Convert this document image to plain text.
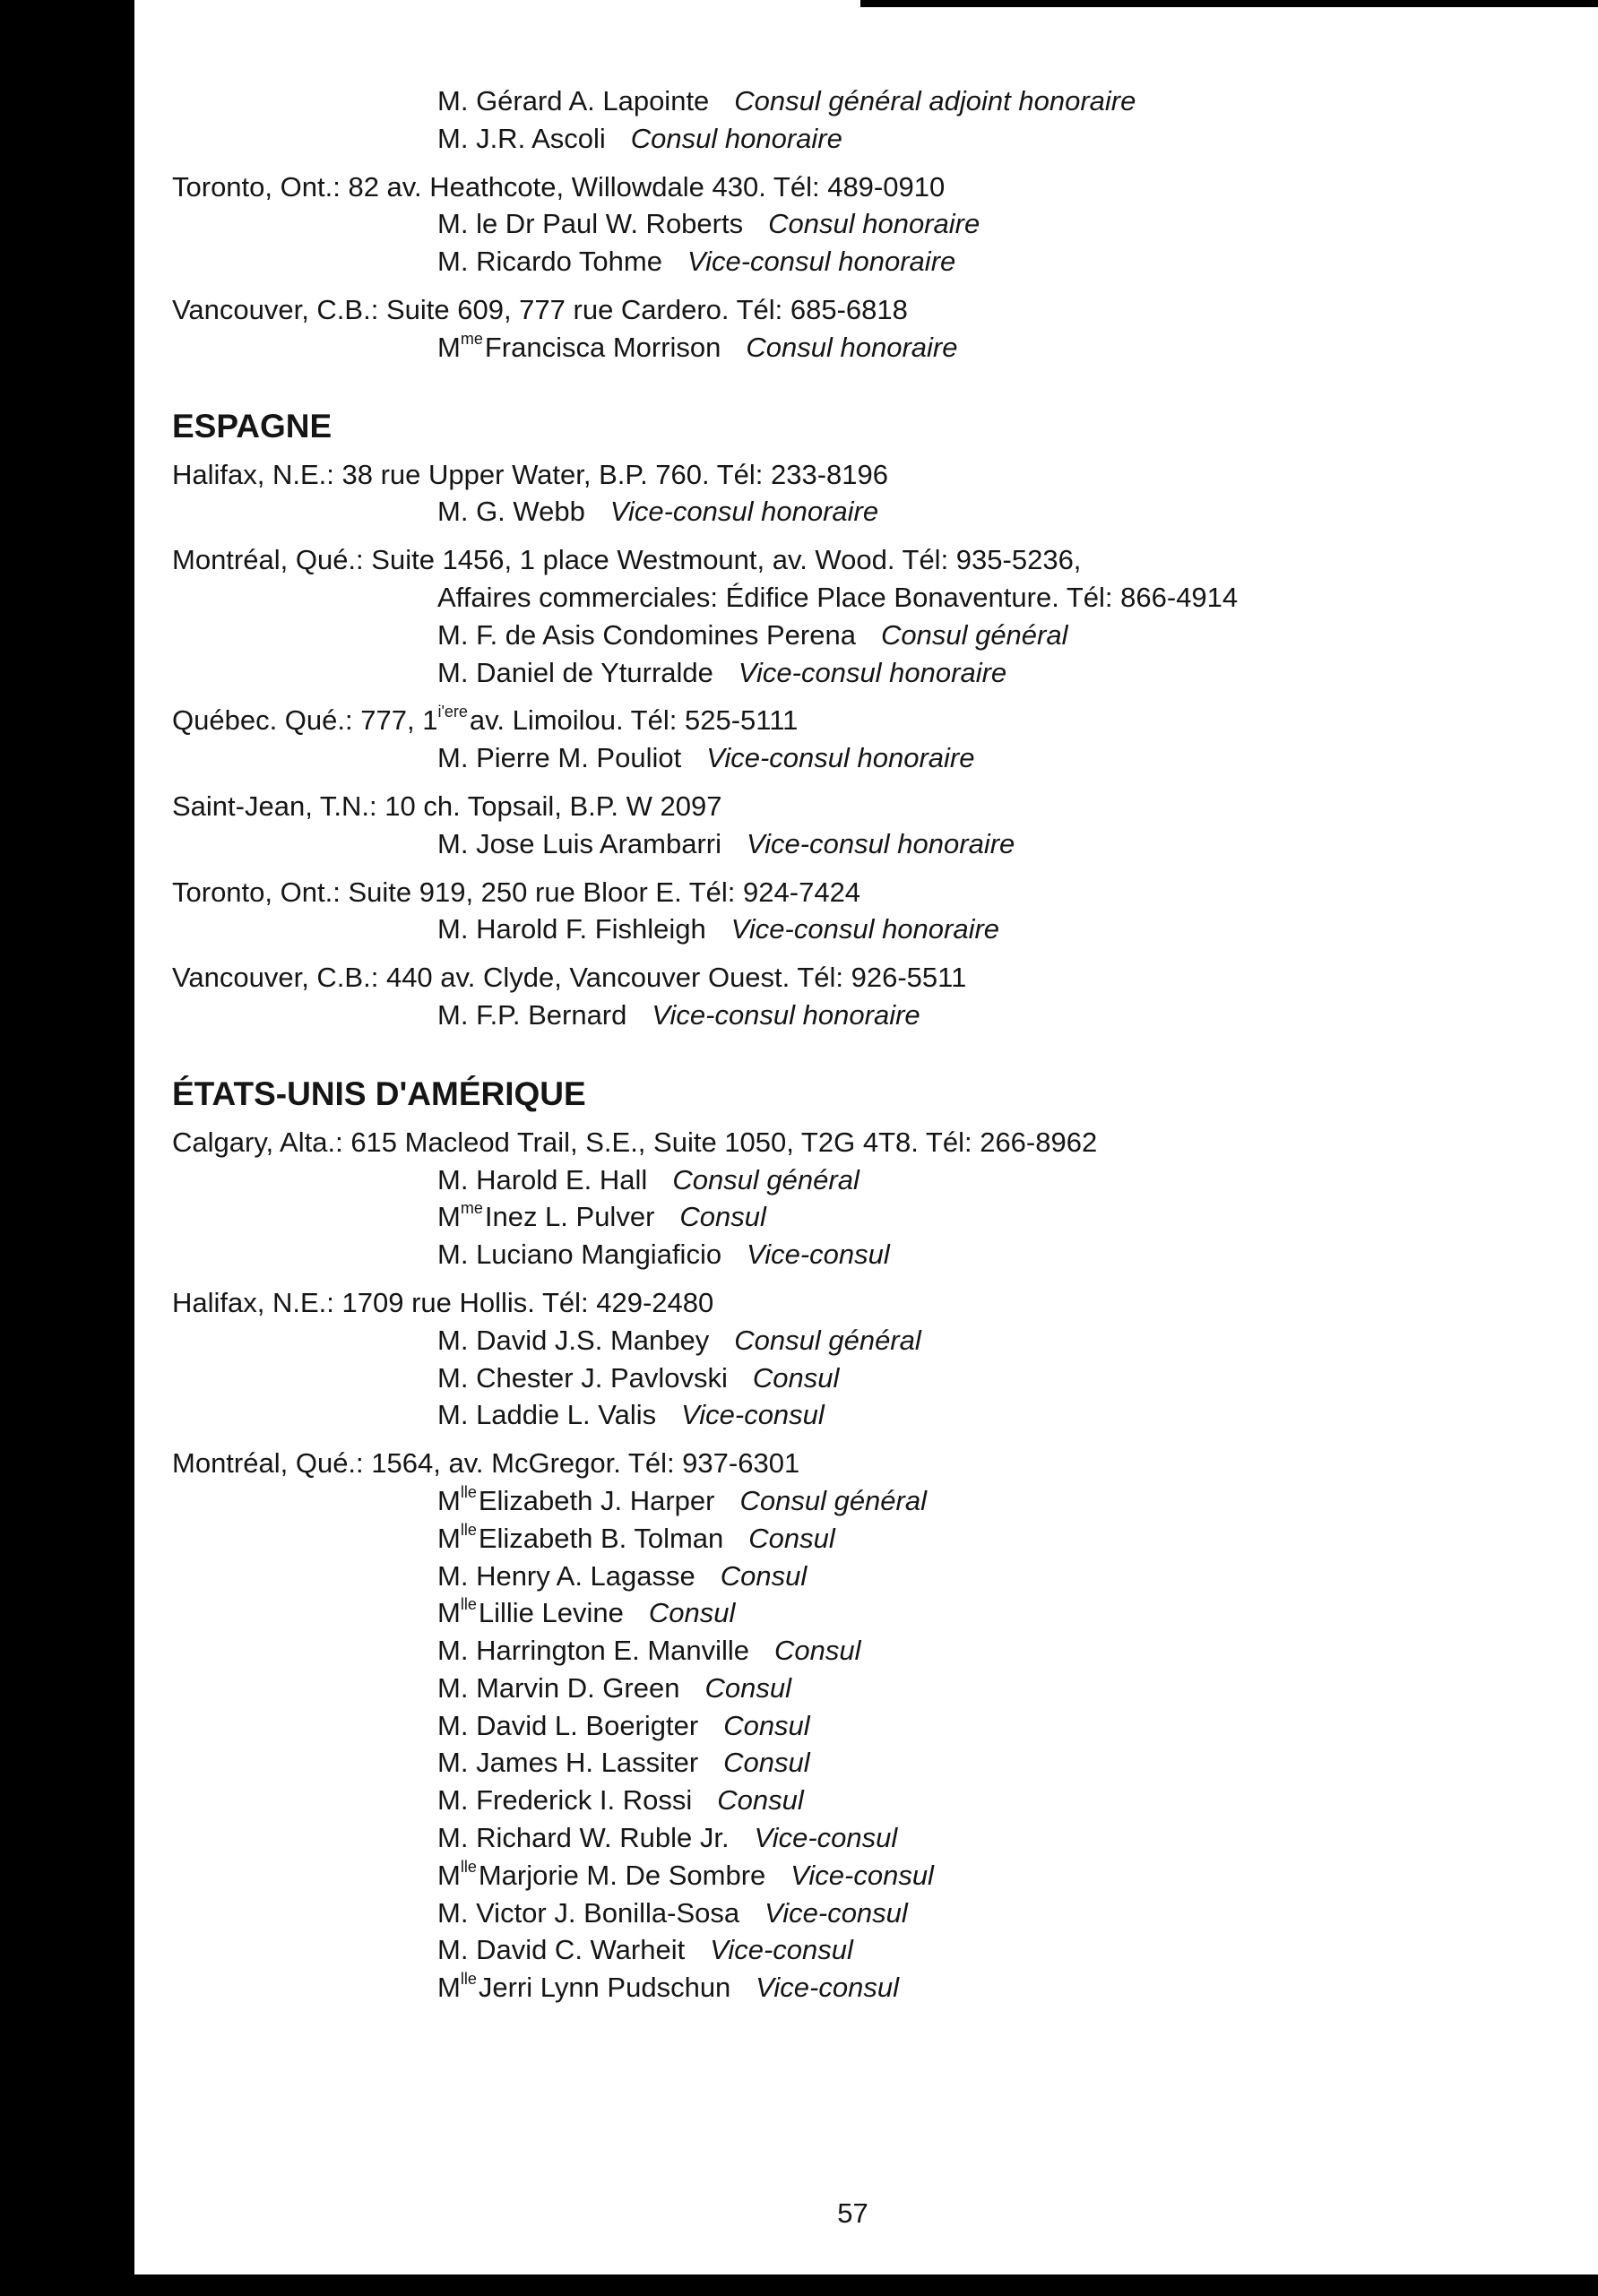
M. Gérard A. Lapointe Consul général adjoint honoraire

M. J.R. Ascoli Consul honoraire

Toronto, Ont.: 82 av. Heathcote, Willowdale 430. Tél: 489-0910

M. le Dr Paul W. Roberts Consul honoraire

M. Ricardo Tohme Vice-consul honoraire

Vancouver, C.B.: Suite 609, 777 rue Cardero. Tél: 685-6818

$M^{me}Francisca$ Morrison Consul honoraire

ESPAGNE

Halifax, N.E.: 38 rue Upper Water, B.P. 760. Tél: 233-8196

M. G. Webb Vice-consul honoraire

Montréal, Qué.: Suite 1456, 1 place Westmount, av. Wood. Tél: 935-5236,

Affaires commerciales: Édifice Place Bonaventure. Tél: 866-4914

M. F. de Asis Condomines Perena Consul général

M. Daniel de Yturralde Vice-consul honoraire

Québec. Qué.: 777, $1^{i'ere}av$. Limoilou. Tél: 525-5111

M. Pierre M. Pouliot Vice-consul honoraire

Saint-Jean, T.N.: 10 ch. Topsail, B.P. W 2097

M. Jose Luis Arambarri Vice-consul honoraire

Toronto, Ont.: Suite 919, 250 rue Bloor E. Tél: 924-7424

M. Harold F. Fishleigh Vice-consul honoraire

Vancouver, C.B.: 440 av. Clyde, Vancouver Ouest. Tél: 926-5511

M. F.P. Bernard Vice-consul honoraire

ÉTATS-UNIS D'AMÉRIQUE

Calgary, Alta.: 615 Macleod Trail, S.E., Suite 1050, T2G 4T8. Tél: 266-8962

M. Harold E. Hall Consul général

$M^{me}Inez$ L. Pulver Consul

M. Luciano Mangiaficio Vice-consul

Halifax, N.E.: 1709 rue Hollis. Tél: 429-2480

M. David J.S. Manbey Consul général

M. Chester J. Pavlovski Consul

M. Laddie L. Valis Vice-consul

Montréal, Qué.: 1564, av. McGregor. Tél: 937-6301

$M^{lle}Elizabeth$ J. Harper Consul général

$M^{lle}Elizabeth$ B. Tolman Consul

M. Henry A. Lagasse Consul

$M^{lle}Lillie$ Levine Consul

M. Harrington E. Manville Consul

M. Marvin D. Green Consul

M. David L. Boerigter Consul

M. James H. Lassiter Consul

M. Frederick I. Rossi Consul

M. Richard W. Ruble Jr. Vice-consul

$M^{lle}Marjorie$ M. De Sombre Vice-consul

M. Victor J. Bonilla-Sosa Vice-consul

M. David C. Warheit Vice-consul

$M^{lle}Jerri$ Lynn Pudschun Vice-consul

57
